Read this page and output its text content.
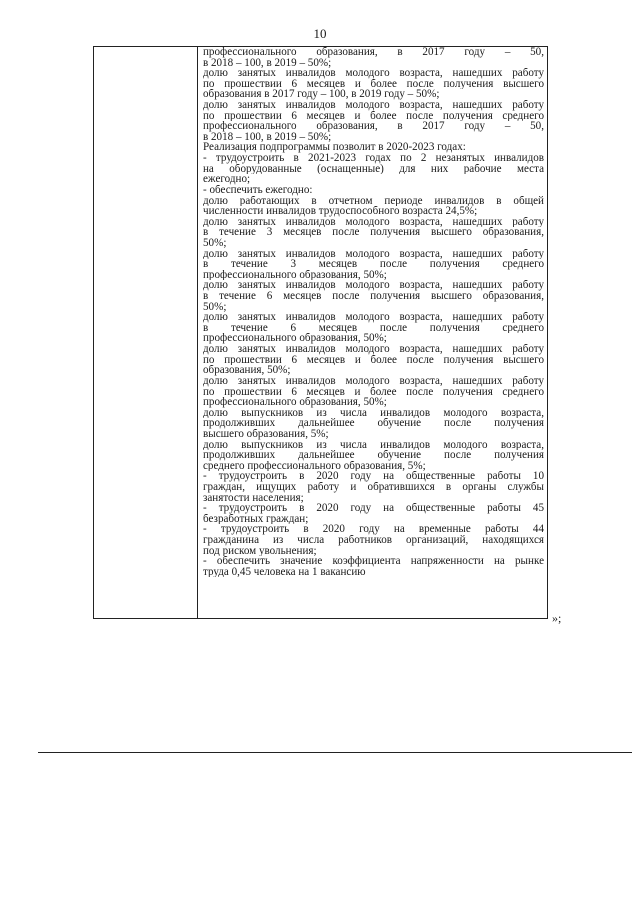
10
профессионального образования, в 2017 году – 50,
в 2018 – 100, в 2019 – 50%;
долю занятых инвалидов молодого возраста, нашедших работу
по прошествии 6 месяцев и более после получения высшего
образования в 2017 году – 100, в 2019 году – 50%;
долю занятых инвалидов молодого возраста, нашедших работу
по прошествии 6 месяцев и более после получения среднего
профессионального образования, в 2017 году – 50,
в 2018 – 100, в 2019 – 50%;
Реализация подпрограммы позволит в 2020-2023 годах:
- трудоустроить в 2021-2023 годах по 2 незанятых инвалидов
на оборудованные (оснащенные) для них рабочие места
ежегодно;
- обеспечить ежегодно:
долю работающих в отчетном периоде инвалидов в общей
численности инвалидов трудоспособного возраста 24,5%;
долю занятых инвалидов молодого возраста, нашедших работу
в течение 3 месяцев после получения высшего образования,
50%;
долю занятых инвалидов молодого возраста, нашедших работу
в течение 3 месяцев после получения среднего
профессионального образования, 50%;
долю занятых инвалидов молодого возраста, нашедших работу
в течение 6 месяцев после получения высшего образования,
50%;
долю занятых инвалидов молодого возраста, нашедших работу
в течение 6 месяцев после получения среднего
профессионального образования, 50%;
долю занятых инвалидов молодого возраста, нашедших работу
по прошествии 6 месяцев и более после получения высшего
образования, 50%;
долю занятых инвалидов молодого возраста, нашедших работу
по прошествии 6 месяцев и более после получения среднего
профессионального образования, 50%;
долю выпускников из числа инвалидов молодого возраста,
продолживших дальнейшее обучение после получения
высшего образования, 5%;
долю выпускников из числа инвалидов молодого возраста,
продолживших дальнейшее обучение после получения
среднего профессионального образования, 5%;
- трудоустроить в 2020 году на общественные работы 10
граждан, ищущих работу и обратившихся в органы службы
занятости населения;
- трудоустроить в 2020 году на общественные работы 45
безработных граждан;
- трудоустроить в 2020 году на временные работы 44
гражданина из числа работников организаций, находящихся
под риском увольнения;
- обеспечить значение коэффициента напряженности на рынке
труда 0,45 человека на 1 вакансию
»;
